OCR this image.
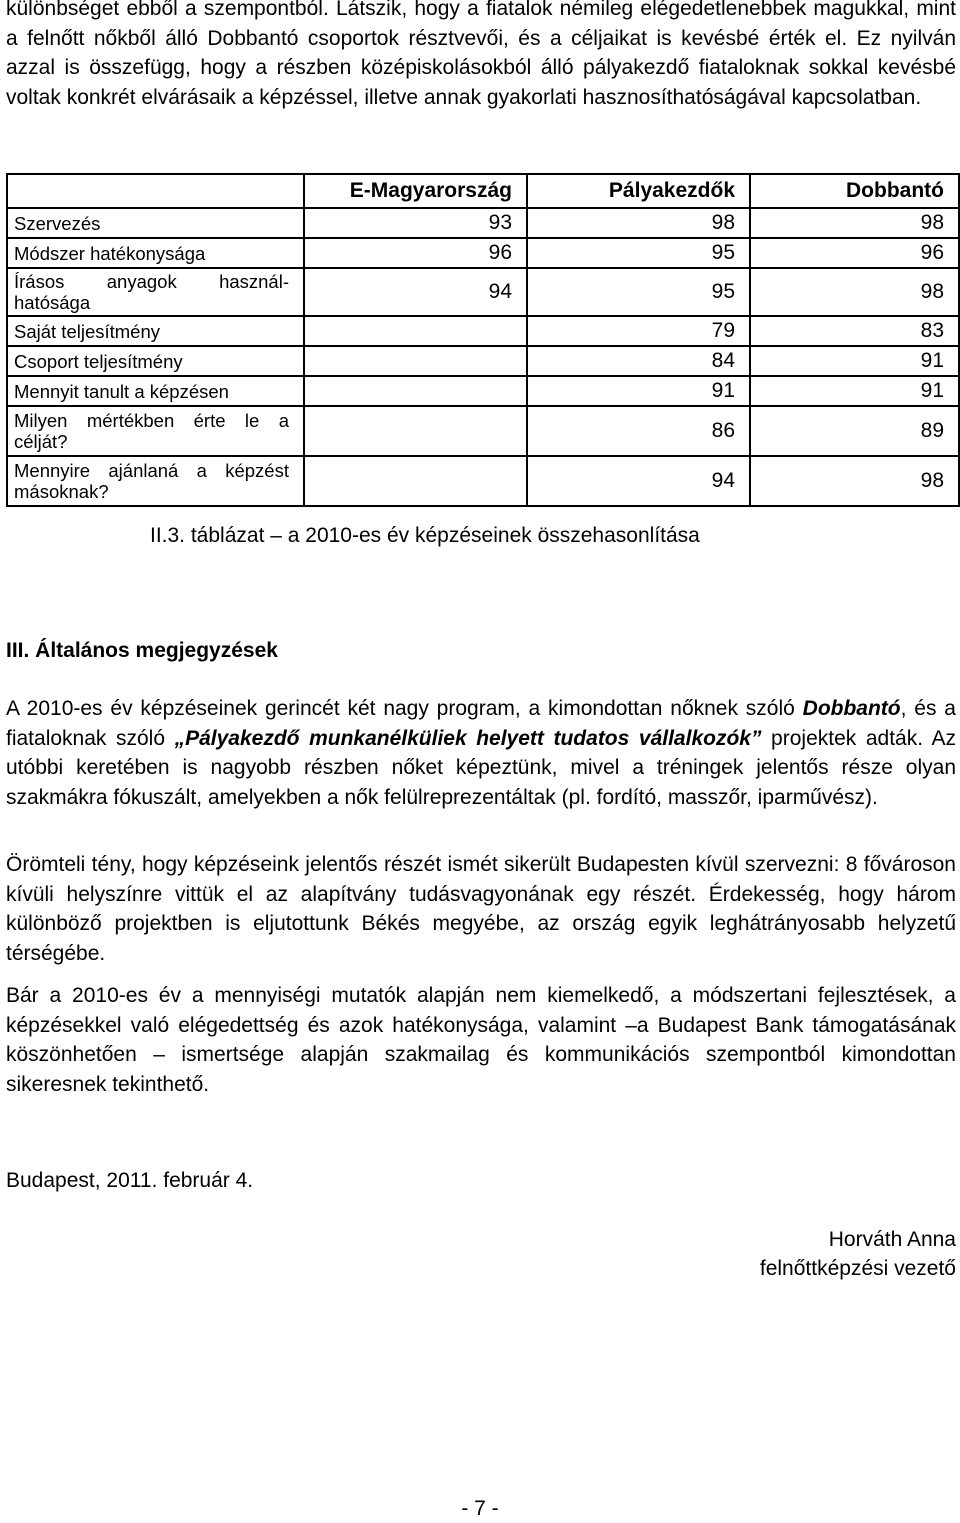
különbséget ebből a szempontból. Látszik, hogy a fiatalok némileg elégedetlenebbek magukkal, mint a felnőtt nőkből álló Dobbantó csoportok résztvevői, és a céljaikat is kevésbé érték el. Ez nyilván azzal is összefügg, hogy a részben középiskolásokból álló pályakezdő fiataloknak sokkal kevésbé voltak konkrét elvárásaik a képzéssel, illetve annak gyakorlati hasznosíthatóságával kapcsolatban.

	E-Magyarország	Pályakezdők	Dobbantó
Szervezés	93	98	98
Módszer hatékonysága	96	95	96
Írásos anyagok használ-hatósága	94	95	98
Saját teljesítmény		79	83
Csoport teljesítmény		84	91
Mennyit tanult a képzésen		91	91
Milyen mértékben érte le a célját?		86	89
Mennyire ajánlaná a képzést másoknak?		94	98

II.3. táblázat – a 2010-es év képzéseinek összehasonlítása

III. Általános megjegyzések

A 2010-es év képzéseinek gerincét két nagy program, a kimondottan nőknek szóló Dobbantó, és a fiataloknak szóló „Pályakezdő munkanélküliek helyett tudatos vállalkozók” projektek adták. Az utóbbi keretében is nagyobb részben nőket képeztünk, mivel a tréningek jelentős része olyan szakmákra fókuszált, amelyekben a nők felülreprezentáltak (pl. fordító, masszőr, iparművész).

Örömteli tény, hogy képzéseink jelentős részét ismét sikerült Budapesten kívül szervezni: 8 fővároson kívüli helyszínre vittük el az alapítvány tudásvagyonának egy részét. Érdekesség, hogy három különböző projektben is eljutottunk Békés megyébe, az ország egyik leghátrányosabb helyzetű térségébe.

Bár a 2010-es év a mennyiségi mutatók alapján nem kiemelkedő, a módszertani fejlesztések, a képzésekkel való elégedettség és azok hatékonysága, valamint –a Budapest Bank támogatásának köszönhetően – ismertsége alapján szakmailag és kommunikációs szempontból kimondottan sikeresnek tekinthető.

Budapest, 2011. február 4.

Horváth Anna
felnőttképzési vezető
- 7 -
